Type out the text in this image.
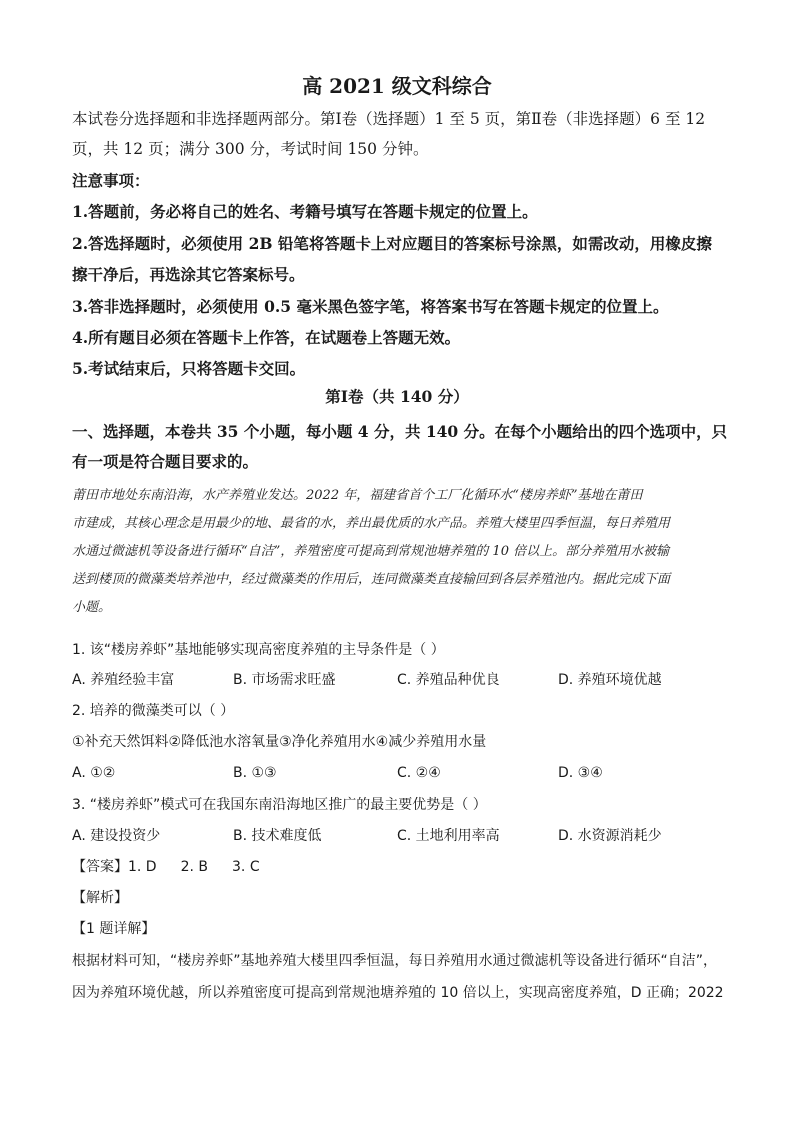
高 2021 级文科综合
本试卷分选择题和非选择题两部分。第Ⅰ卷（选择题）1 至 5 页，第Ⅱ卷（非选择题）6 至 12
页，共 12 页；满分 300 分，考试时间 150 分钟。
注意事项：
1.答题前，务必将自己的姓名、考籍号填写在答题卡规定的位置上。
2.答选择题时，必须使用 2B 铅笔将答题卡上对应题目的答案标号涂黑，如需改动，用橡皮擦
擦干净后，再选涂其它答案标号。
3.答非选择题时，必须使用 0.5 毫米黑色签字笔，将答案书写在答题卡规定的位置上。
4.所有题目必须在答题卡上作答，在试题卷上答题无效。
5.考试结束后，只将答题卡交回。
第Ⅰ卷（共 140 分）
一、选择题，本卷共 35 个小题，每小题 4 分，共 140 分。在每个小题给出的四个选项中，只
有一项是符合题目要求的。
莆田市地处东南沿海，水产养殖业发达。2022 年，福建省首个工厂化循环水“楼房养虾”基地在莆田
市建成，其核心理念是用最少的地、最省的水，养出最优质的水产品。养殖大楼里四季恒温，每日养殖用
水通过微滤机等设备进行循环“自洁”，养殖密度可提高到常规池塘养殖的 10 倍以上。部分养殖用水被输
送到楼顶的微藻类培养池中，经过微藻类的作用后，连同微藻类直接输回到各层养殖池内。据此完成下面
小题。
1. 该“楼房养虾”基地能够实现高密度养殖的主导条件是（ ）
A. 养殖经验丰富	B. 市场需求旺盛	C. 养殖品种优良	D. 养殖环境优越
2. 培养的微藻类可以（ ）
①补充天然饵料②降低池水溶氧量③净化养殖用水④减少养殖用水量
A. ①②	B. ①③	C. ②④	D. ③④
3. “楼房养虾”模式可在我国东南沿海地区推广的最主要优势是（ ）
A. 建设投资少	B. 技术难度低	C. 土地利用率高	D. 水资源消耗少
【答案】1. D 2. B 3. C
【解析】
【1 题详解】
根据材料可知，“楼房养虾”基地养殖大楼里四季恒温，每日养殖用水通过微滤机等设备进行循环“自洁”，
因为养殖环境优越，所以养殖密度可提高到常规池塘养殖的 10 倍以上，实现高密度养殖，D 正确；2022
